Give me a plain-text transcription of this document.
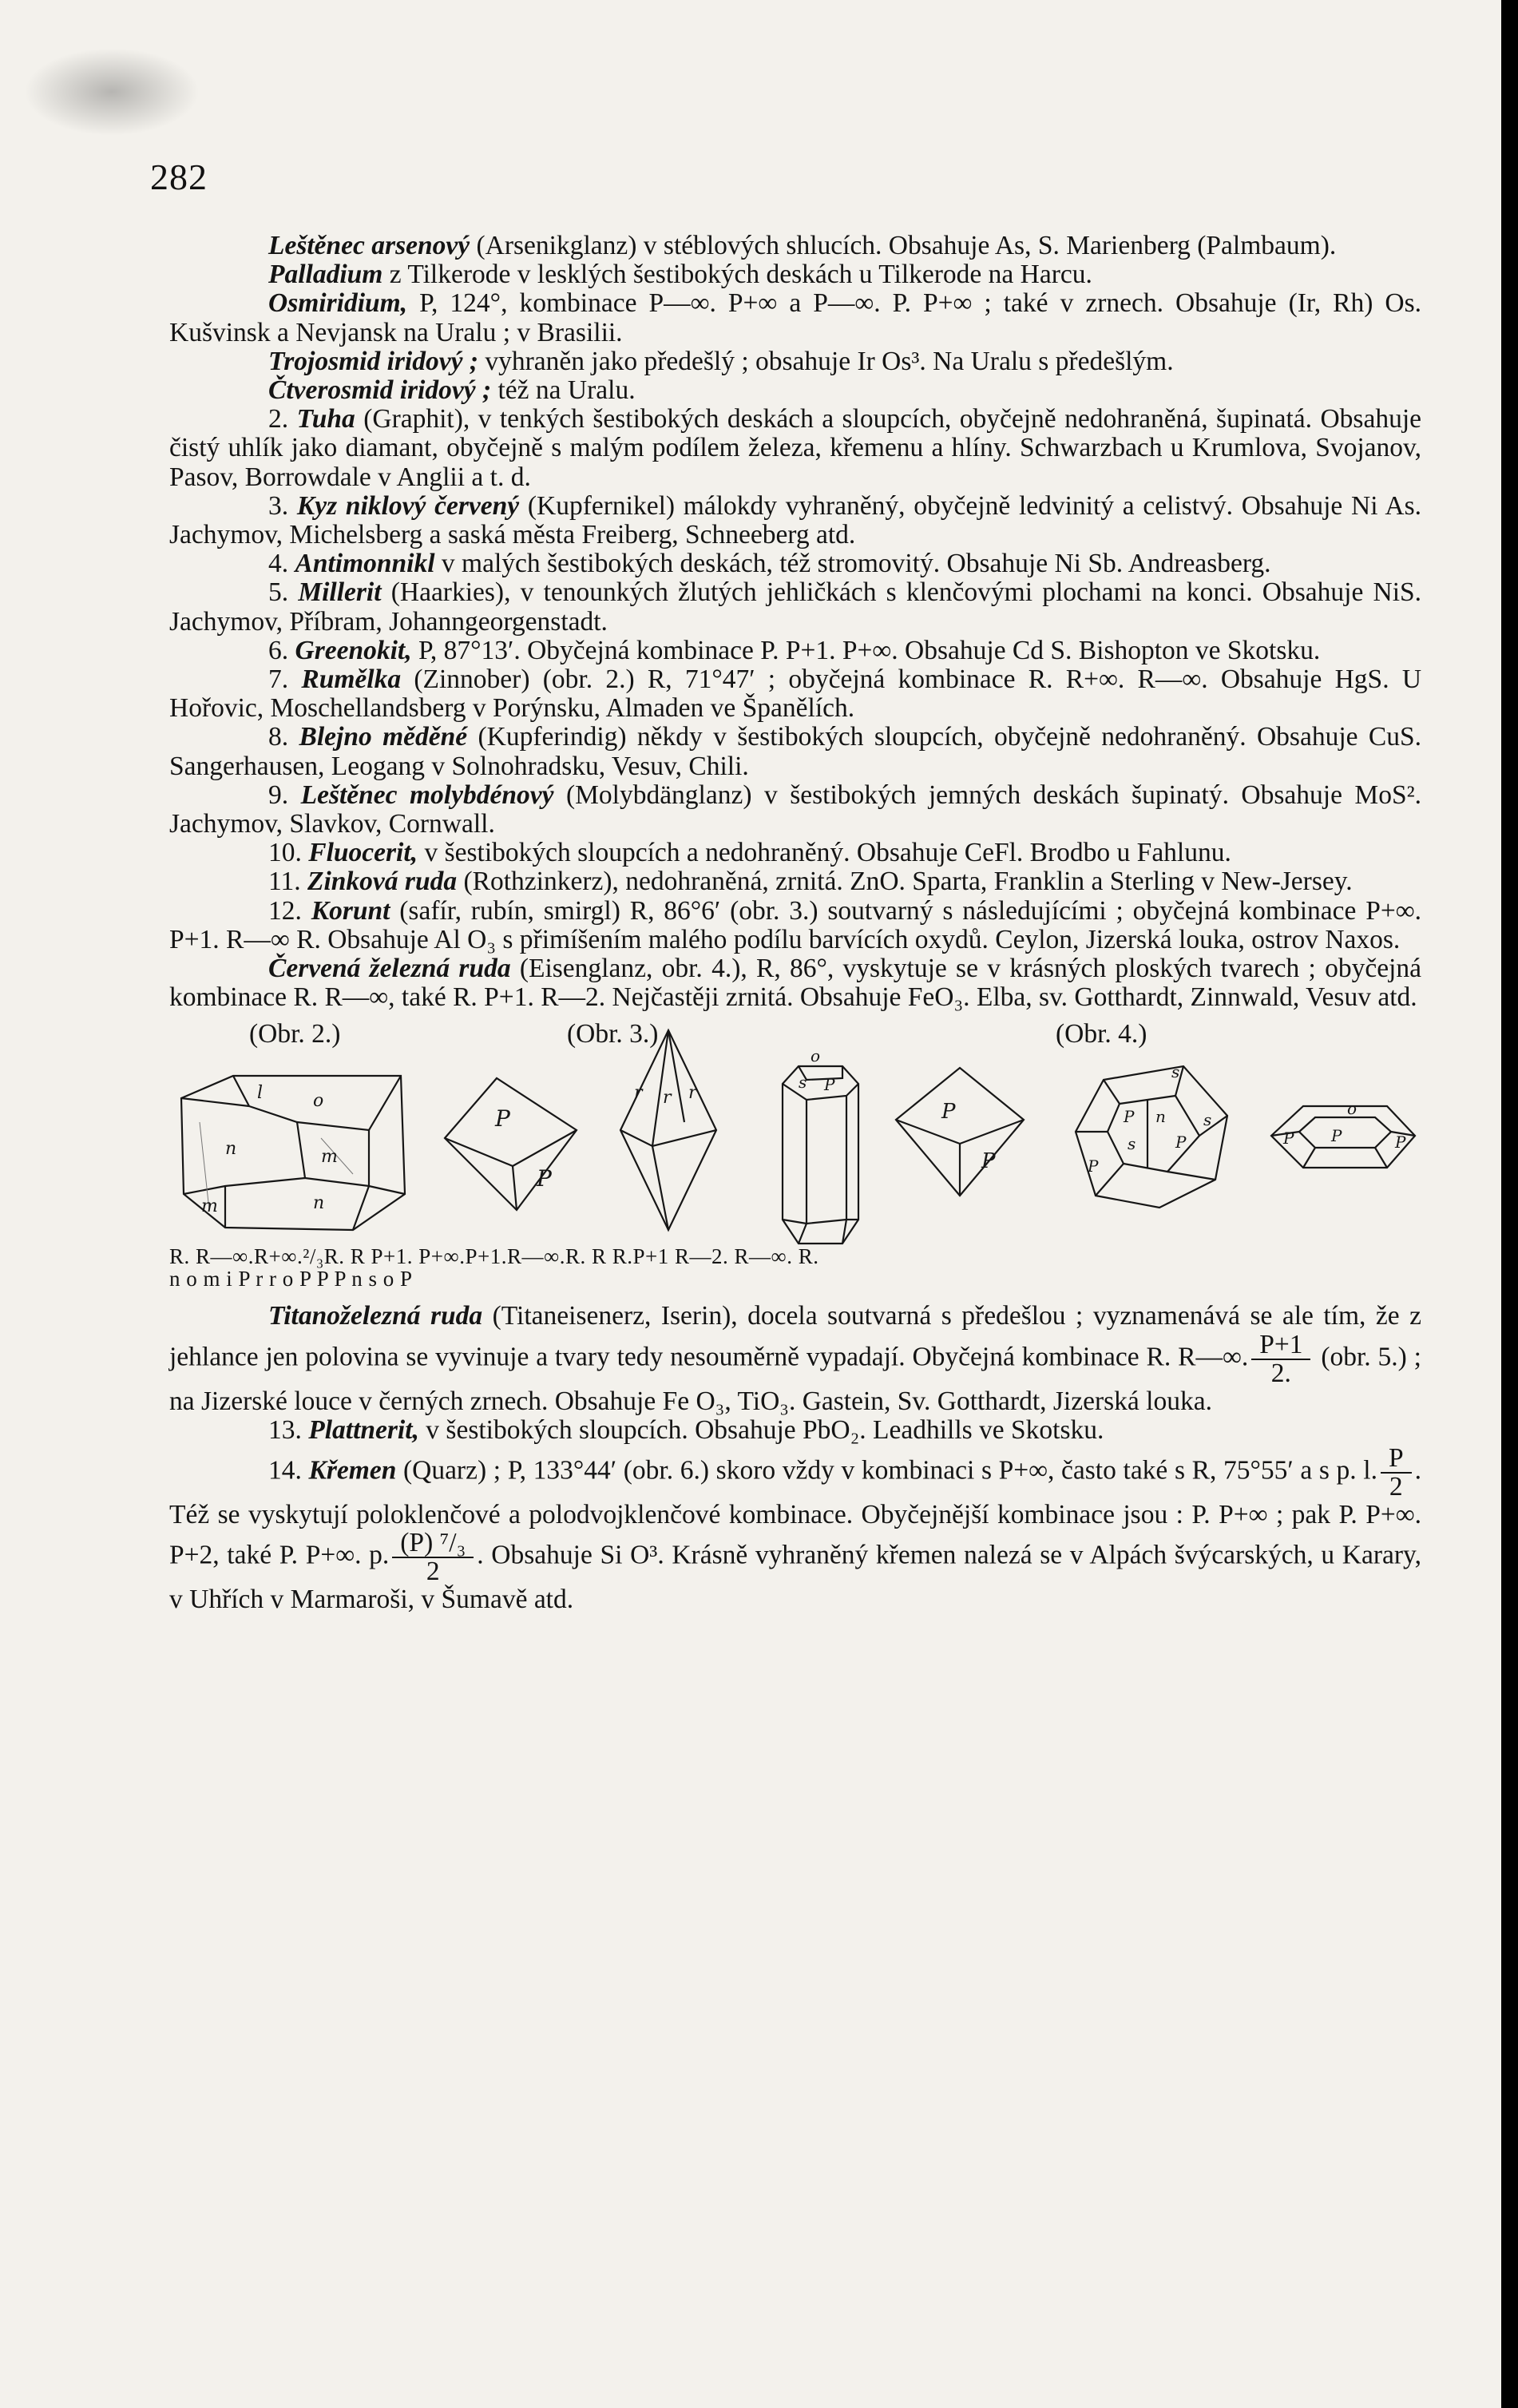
282

Leštěnec arsenový (Arsenikglanz) v stéblových shlucích. Obsahuje As, S. Marienberg (Palmbaum).

Palladium z Tilkerode v lesklých šestibokých deskách u Tilkerode na Harcu.

Osmiridium, P, 124°, kombinace P—∞. P+∞ a P—∞. P. P+∞ ; také v zrnech. Obsahuje (Ir, Rh) Os. Kušvinsk a Nevjansk na Uralu ; v Brasilii.

Trojosmid iridový ; vyhraněn jako předešlý ; obsahuje Ir Os³. Na Uralu s předešlým.

Čtverosmid iridový ; též na Uralu.

2. Tuha (Graphit), v tenkých šestibokých deskách a sloupcích, obyčejně nedohraněná, šupinatá. Obsahuje čistý uhlík jako diamant, obyčejně s malým podílem železa, křemenu a hlíny. Schwarzbach u Krumlova, Svojanov, Pasov, Borrowdale v Anglii a t. d.

3. Kyz niklový červený (Kupfernikel) málokdy vyhraněný, obyčejně ledvinitý a celistvý. Obsahuje Ni As. Jachymov, Michelsberg a saská města Freiberg, Schneeberg atd.

4. Antimonnikl v malých šestibokých deskách, též stromovitý. Obsahuje Ni Sb. Andreasberg.

5. Millerit (Haarkies), v tenounkých žlutých jehličkách s klenčovými plochami na konci. Obsahuje NiS. Jachymov, Příbram, Johanngeorgenstadt.

6. Greenokit, P, 87°13′. Obyčejná kombinace P. P+1. P+∞. Obsahuje Cd S. Bishopton ve Skotsku.

7. Rumělka (Zinnober) (obr. 2.) R, 71°47′ ; obyčejná kombinace R. R+∞. R—∞. Obsahuje HgS. U Hořovic, Moschellandsberg v Porýnsku, Almaden ve Španělích.

8. Blejno měděné (Kupferindig) někdy v šestibokých sloupcích, obyčejně nedohraněný. Obsahuje CuS. Sangerhausen, Leogang v Solnohradsku, Vesuv, Chili.

9. Leštěnec molybdénový (Molybdänglanz) v šestibokých jemných deskách šupinatý. Obsahuje MoS². Jachymov, Slavkov, Cornwall.

10. Fluocerit, v šestibokých sloupcích a nedohraněný. Obsahuje CeFl. Brodbo u Fahlunu.

11. Zinková ruda (Rothzinkerz), nedohraněná, zrnitá. ZnO. Sparta, Franklin a Sterling v New-Jersey.

12. Korunt (safír, rubín, smirgl) R, 86°6′ (obr. 3.) soutvarný s následujícími ; obyčejná kombinace P+∞. P+1. R—∞ R. Obsahuje Al O₃ s přimíšením malého podílu barvících oxydů. Ceylon, Jizerská louka, ostrov Naxos.

Červená železná ruda (Eisenglanz, obr. 4.), R, 86°, vyskytuje se v krásných ploských tvarech ; obyčejná kombinace R. R—∞, také R. P+1. R—2. Nejčastěji zrnitá. Obsahuje FeO₃. Elba, sv. Gotthardt, Zinnwald, Vesuv atd.

(Obr. 2.)	(Obr. 3.)	(Obr. 4.)
l	o
n	m
m	n
P
P
r r r
o
s P
P
P
s
P n
P
s
P
s
P
o
P	P
R. R—∞.R+∞.²/₃R. R P+1. P+∞.P+1.R—∞.R. R R.P+1 R—2. R—∞. R.
n o m i P r r o P P P n s o P

Titanoželezná ruda (Titaneisenerz, Iserin), docela soutvarná s předešlou ; vyznamenává se ale tím, že z jehlance jen polovina se vyvinuje a tvary tedy nesouměrně vypadají. Obyčejná kombinace R. R—∞. $\frac{P+1}{2.} (obr$. 5.) ; na Jizerské louce v černých zrnech. Obsahuje Fe O₃, TiO₃. Gastein, Sv. Gotthardt, Jizerská louka.

13. Plattnerit, v šestibokých sloupcích. Obsahuje PbO₂. Leadhills ve Skotsku.

14. Křemen (Quarz) ; P, 133°44′ (obr. 6.) skoro vždy v kombinaci s P+∞, často také s R, 75°55′ a s p. l. $\frac{P}{2}$ . Též se vyskytují poloklenčové a polodvojklenčové kombinace. Obyčejnější kombinace jsou : P. P+∞ ; pak P. P+∞. P+2, také P. P+∞. p. $\frac{\text{(P) ⁷/₃}}{2}$ . Obsahuje Si O³. Krásně vyhraněný křemen nalezá se v Alpách švýcarských, u Karary, v Uhřích v Marmaroši, v Šumavě atd.
